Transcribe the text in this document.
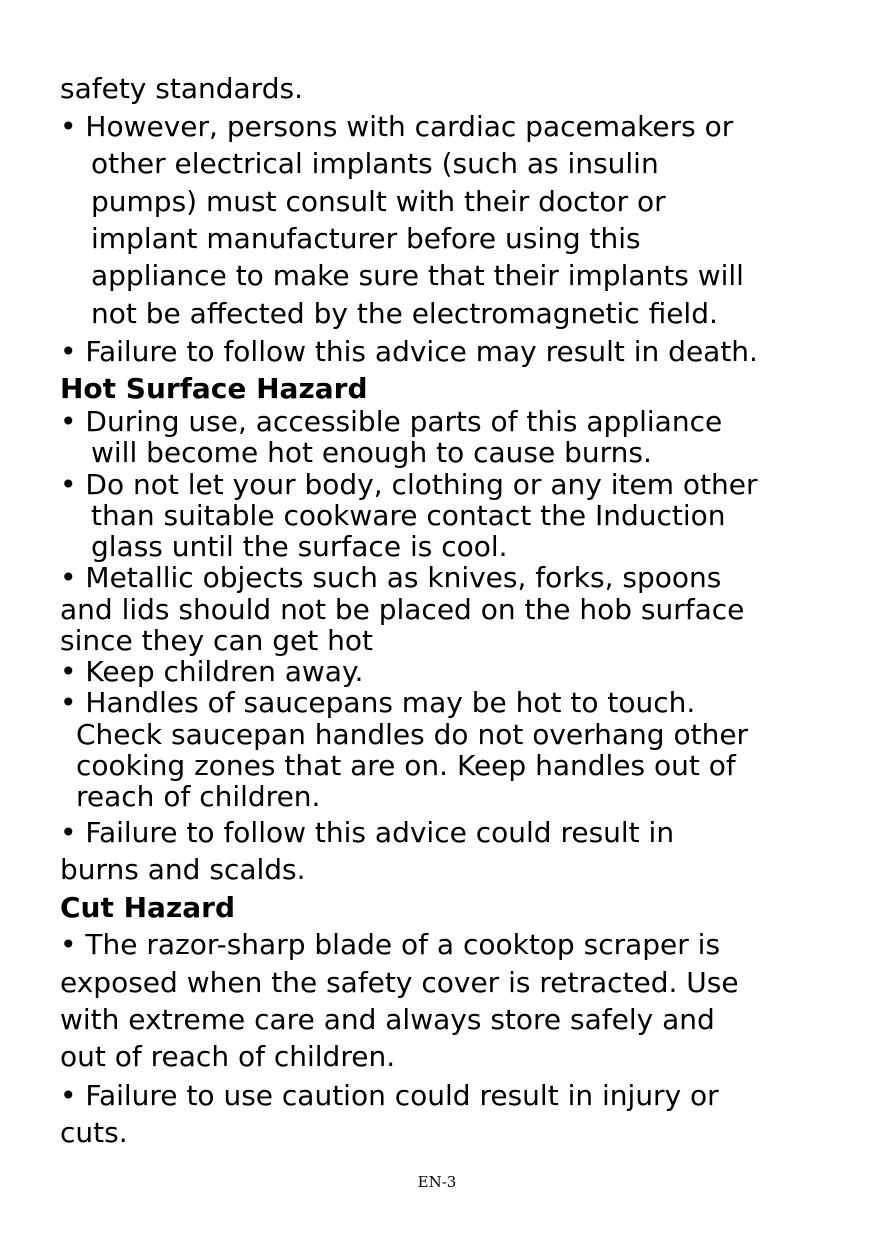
safety standards.

• However, persons with cardiac pacemakers or

other electrical implants (such as insulin

pumps) must consult with their doctor or

implant manufacturer before using this

appliance to make sure that their implants will

not be affected by the electromagnetic field.

• Failure to follow this advice may result in death.

Hot Surface Hazard

• During use, accessible parts of this appliance

will become hot enough to cause burns.

• Do not let your body, clothing or any item other

than suitable cookware contact the Induction

glass until the surface is cool.

• Metallic objects such as knives, forks, spoons

and lids should not be placed on the hob surface

since they can get hot

• Keep children away.

• Handles of saucepans may be hot to touch.

Check saucepan handles do not overhang other

cooking zones that are on. Keep handles out of

reach of children.

• Failure to follow this advice could result in

burns and scalds.

Cut Hazard

• The razor-sharp blade of a cooktop scraper is

exposed when the safety cover is retracted. Use

with extreme care and always store safely and

out of reach of children.

• Failure to use caution could result in injury or

cuts.

EN-3
